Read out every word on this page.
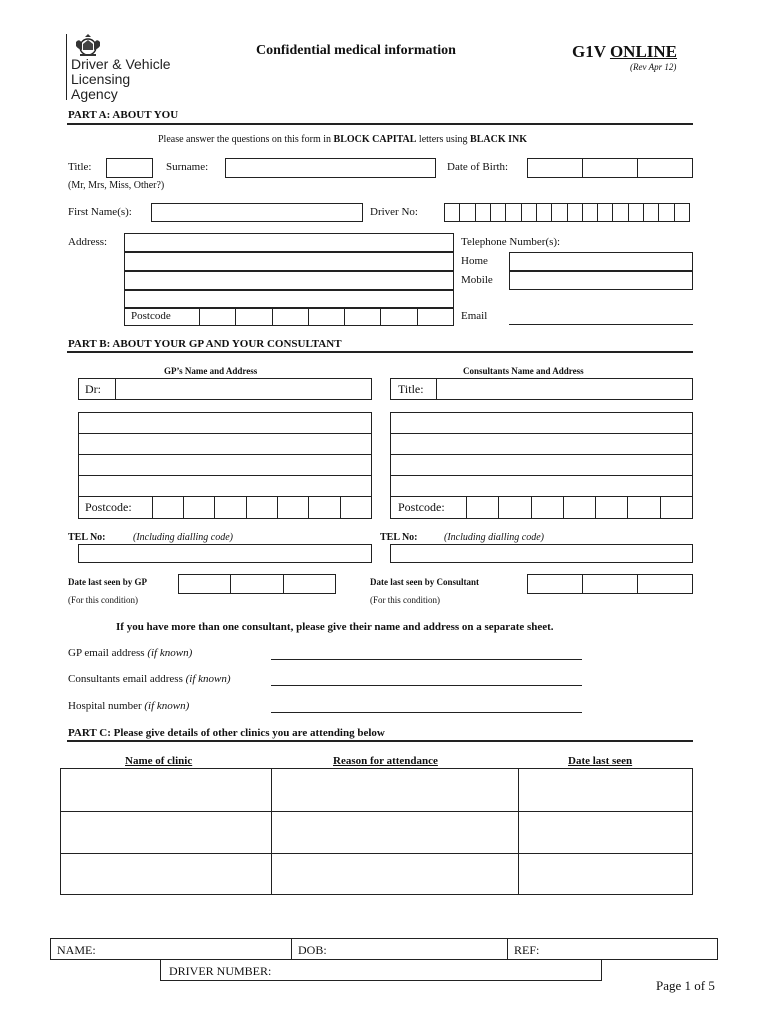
Driver & Vehicle
Licensing
Agency
Confidential medical information	G1V ONLINE
(Rev Apr 12)
PART A: ABOUT YOU
Please answer the questions on this form in BLOCK CAPITAL letters using BLACK INK
Title:
(Mr, Mrs, Miss, Other?)
Surname:	Date of Birth:
First Name(s):	Driver No:
Address:
Postcode
Telephone Number(s):
Home
Mobile
Email
PART B: ABOUT YOUR GP AND YOUR CONSULTANT
GP’s Name and Address	Consultants Name and Address
Dr:
Postcode:
Title:
Postcode:
TEL No:	(Including dialling code)	TEL No:	(Including dialling code)
Date last seen by GP
(For this condition)
Date last seen by Consultant
(For this condition)
If you have more than one consultant, please give their name and address on a separate sheet.
GP email address (if known)
Consultants email address (if known)
Hospital number (if known)
PART C: Please give details of other clinics you are attending below
Name of clinic	Reason for attendance	Date last seen
NAME:	DOB:	REF:
DRIVER NUMBER:
Page 1 of 5
